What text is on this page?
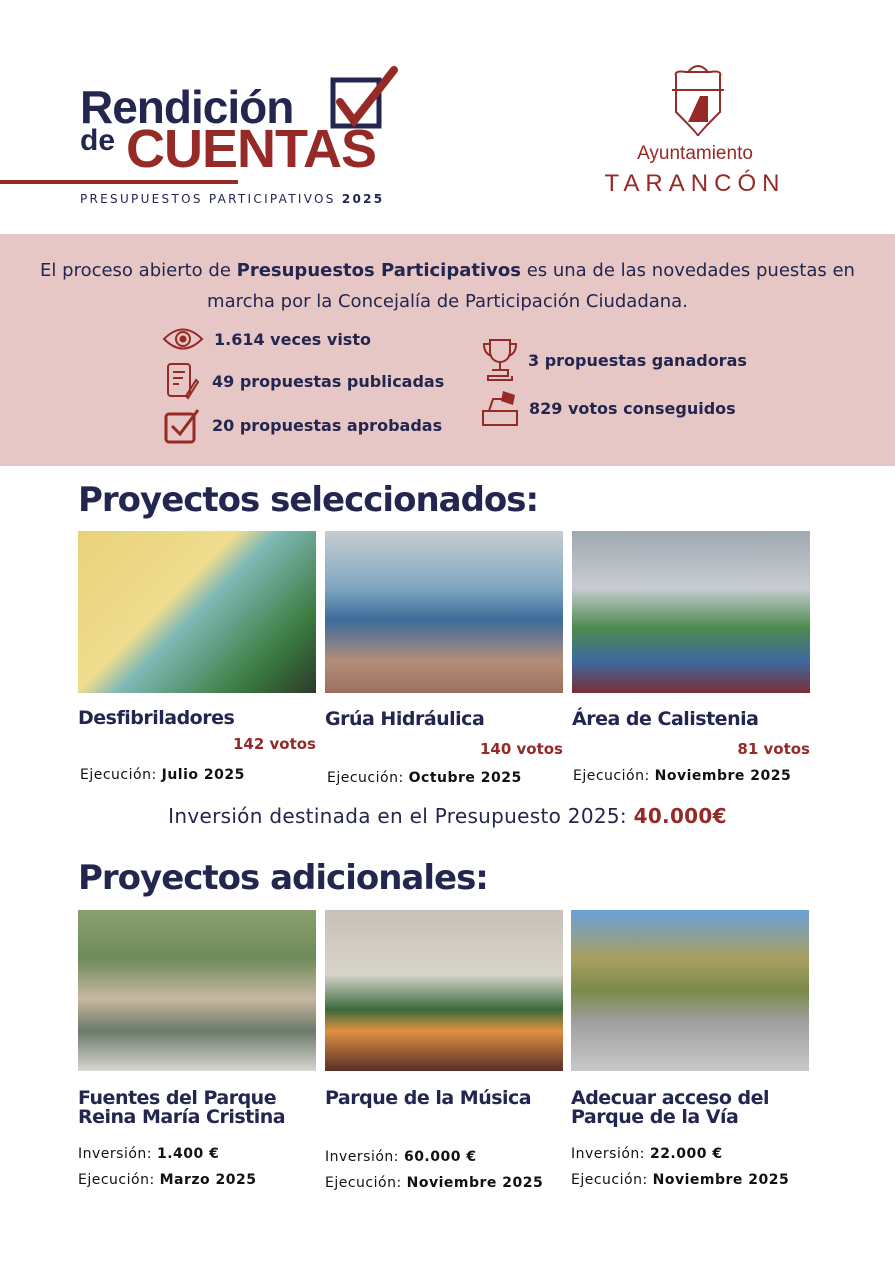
Rendición
de CUENTAS
PRESUPUESTOS PARTICIPATIVOS 2025
Ayuntamiento
TARANCÓN
El proceso abierto de Presupuestos Participativos es una de las novedades puestas en marcha por la Concejalía de Participación Ciudadana.
1.614 veces visto
49 propuestas publicadas
20 propuestas aprobadas
3 propuestas ganadoras
829 votos conseguidos
Proyectos seleccionados:
Desfibriladores
142 votos
Ejecución: Julio 2025
Grúa Hidráulica
140 votos
Ejecución: Octubre 2025
Área de Calistenia
81 votos
Ejecución: Noviembre 2025
Inversión destinada en el Presupuesto 2025: 40.000€
Proyectos adicionales:
Fuentes del Parque
Reina María Cristina
Inversión: 1.400 €
Ejecución: Marzo 2025
Parque de la Música
Inversión: 60.000 €
Ejecución: Noviembre 2025
Adecuar acceso del
Parque de la Vía
Inversión: 22.000 €
Ejecución: Noviembre 2025
